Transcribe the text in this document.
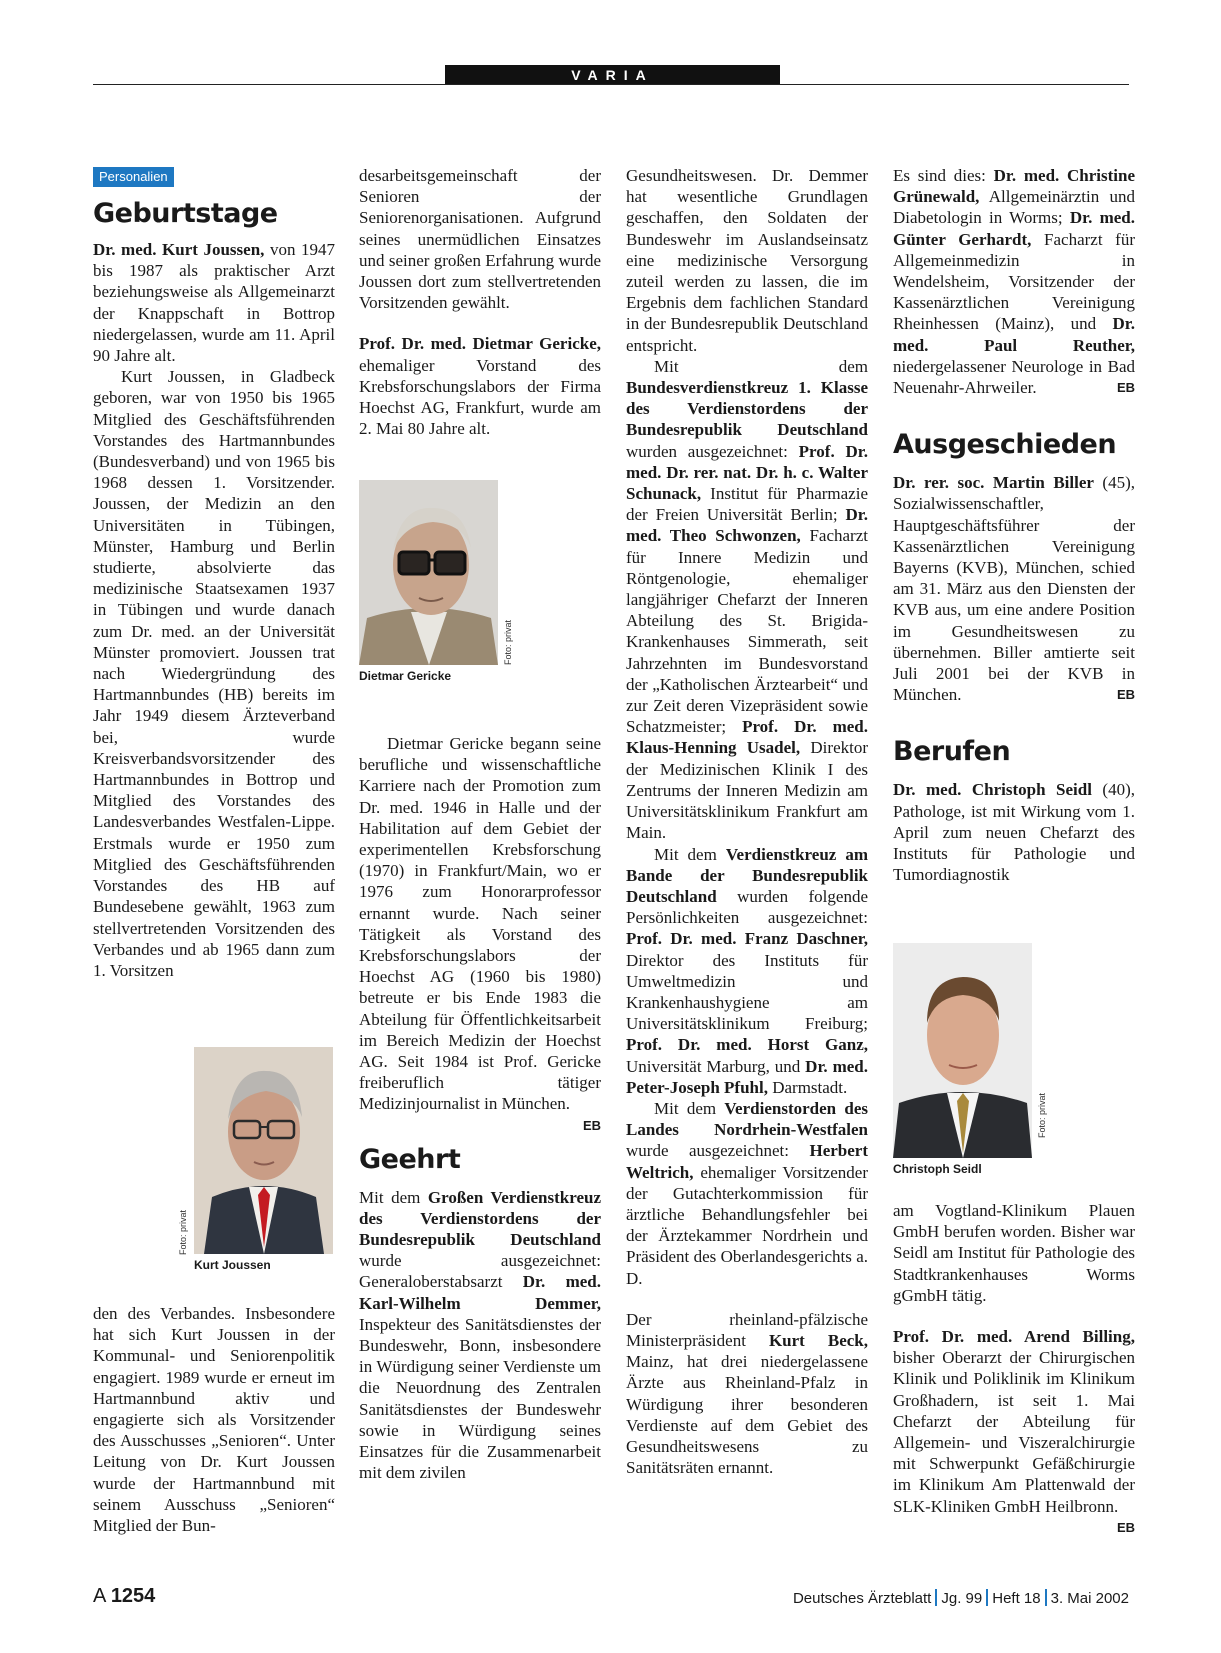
VARIA
Personalien
Geburtstage

Dr. med. Kurt Joussen, von 1947 bis 1987 als praktischer Arzt beziehungsweise als Allgemeinarzt der Knappschaft in Bottrop niedergelassen, wurde am 11. April 90 Jahre alt.

Kurt Joussen, in Gladbeck geboren, war von 1950 bis 1965 Mitglied des Geschäftsführenden Vorstandes des Hartmannbundes (Bundesverband) und von 1965 bis 1968 dessen 1. Vorsitzender. Joussen, der Medizin an den Universitäten in Tübingen, Münster, Hamburg und Berlin studierte, absolvierte das medizinische Staatsexamen 1937 in Tübingen und wurde danach zum Dr. med. an der Universität Münster promoviert. Joussen trat nach Wiedergründung des Hartmannbundes (HB) bereits im Jahr 1949 diesem Ärzteverband bei, wurde Kreisverbandsvorsitzender des Hartmannbundes in Bottrop und Mitglied des Vorstandes des Landesverbandes Westfalen-Lippe. Erstmals wurde er 1950 zum Mitglied des Geschäftsführenden Vorstandes des HB auf Bundesebene gewählt, 1963 zum stellvertretenden Vorsitzenden des Verbandes und ab 1965 dann zum 1. Vorsitzen

Foto: privat
Kurt Joussen

den des Verbandes. Insbesondere hat sich Kurt Joussen in der Kommunal- und Seniorenpolitik engagiert. 1989 wurde er erneut im Hartmannbund aktiv und engagierte sich als Vorsitzender des Ausschusses „Senioren“. Unter Leitung von Dr. Kurt Joussen wurde der Hartmannbund mit seinem Ausschuss „Senioren“ Mitglied der Bun-

desarbeitsgemeinschaft der Senioren der Seniorenorganisationen. Aufgrund seines unermüdlichen Einsatzes und seiner großen Erfahrung wurde Joussen dort zum stellvertretenden Vorsitzenden gewählt.

Prof. Dr. med. Dietmar Gericke, ehemaliger Vorstand des Krebsforschungslabors der Firma Hoechst AG, Frankfurt, wurde am 2. Mai 80 Jahre alt.

Foto: privat
Dietmar Gericke

Dietmar Gericke begann seine berufliche und wissenschaftliche Karriere nach der Promotion zum Dr. med. 1946 in Halle und der Habilitation auf dem Gebiet der experimentellen Krebsforschung (1970) in Frankfurt/Main, wo er 1976 zum Honorarprofessor ernannt wurde. Nach seiner Tätigkeit als Vorstand des Krebsforschungslabors der Hoechst AG (1960 bis 1980) betreute er bis Ende 1983 die Abteilung für Öffentlichkeitsarbeit im Bereich Medizin der Hoechst AG. Seit 1984 ist Prof. Gericke freiberuflich tätiger Medizinjournalist in München.
EB

Geehrt

Mit dem Großen Verdienstkreuz des Verdienstordens der Bundesrepublik Deutschland wurde ausgezeichnet: Generaloberstabsarzt Dr. med. Karl-Wilhelm Demmer, Inspekteur des Sanitätsdienstes der Bundeswehr, Bonn, insbesondere in Würdigung seiner Verdienste um die Neuordnung des Zentralen Sanitätsdienstes der Bundeswehr sowie in Würdigung seines Einsatzes für die Zusammenarbeit mit dem zivilen

Gesundheitswesen. Dr. Demmer hat wesentliche Grundlagen geschaffen, den Soldaten der Bundeswehr im Auslandseinsatz eine medizinische Versorgung zuteil werden zu lassen, die im Ergebnis dem fachlichen Standard in der Bundesrepublik Deutschland entspricht.

Mit dem Bundesverdienstkreuz 1. Klasse des Verdienstordens der Bundesrepublik Deutschland wurden ausgezeichnet: Prof. Dr. med. Dr. rer. nat. Dr. h. c. Walter Schunack, Institut für Pharmazie der Freien Universität Berlin; Dr. med. Theo Schwonzen, Facharzt für Innere Medizin und Röntgenologie, ehemaliger langjähriger Chefarzt der Inneren Abteilung des St. Brigida-Krankenhauses Simmerath, seit Jahrzehnten im Bundesvorstand der „Katholischen Ärztearbeit“ und zur Zeit deren Vizepräsident sowie Schatzmeister; Prof. Dr. med. Klaus-Henning Usadel, Direktor der Medizinischen Klinik I des Zentrums der Inneren Medizin am Universitätsklinikum Frankfurt am Main.

Mit dem Verdienstkreuz am Bande der Bundesrepublik Deutschland wurden folgende Persönlichkeiten ausgezeichnet: Prof. Dr. med. Franz Daschner, Direktor des Instituts für Umweltmedizin und Krankenhaushygiene am Universitätsklinikum Freiburg; Prof. Dr. med. Horst Ganz, Universität Marburg, und Dr. med. Peter-Joseph Pfuhl, Darmstadt.

Mit dem Verdienstorden des Landes Nordrhein-Westfalen wurde ausgezeichnet: Herbert Weltrich, ehemaliger Vorsitzender der Gutachterkommission für ärztliche Behandlungsfehler bei der Ärztekammer Nordrhein und Präsident des Oberlandesgerichts a. D.

Der rheinland-pfälzische Ministerpräsident Kurt Beck, Mainz, hat drei niedergelassene Ärzte aus Rheinland-Pfalz in Würdigung ihrer besonderen Verdienste auf dem Gebiet des Gesundheitswesens zu Sanitätsräten ernannt.

Es sind dies: Dr. med. Christine Grünewald, Allgemeinärztin und Diabetologin in Worms; Dr. med. Günter Gerhardt, Facharzt für Allgemeinmedizin in Wendelsheim, Vorsitzender der Kassenärztlichen Vereinigung Rheinhessen (Mainz), und Dr. med. Paul Reuther, niedergelassener Neurologe in Bad Neuenahr-Ahrweiler.	EB

Ausgeschieden

Dr. rer. soc. Martin Biller (45), Sozialwissenschaftler, Hauptgeschäftsführer der Kassenärztlichen Vereinigung Bayerns (KVB), München, schied am 31. März aus den Diensten der KVB aus, um eine andere Position im Gesundheitswesen zu übernehmen. Biller amtierte seit Juli 2001 bei der KVB in München.	EB

Berufen

Dr. med. Christoph Seidl (40), Pathologe, ist mit Wirkung vom 1. April zum neuen Chefarzt des Instituts für Pathologie und Tumordiagnostik

Foto: privat
Christoph Seidl

am Vogtland-Klinikum Plauen GmbH berufen worden. Bisher war Seidl am Institut für Pathologie des Stadtkrankenhauses Worms gGmbH tätig.

Prof. Dr. med. Arend Billing, bisher Oberarzt der Chirurgischen Klinik und Poliklinik im Klinikum Großhadern, ist seit 1. Mai Chefarzt der Abteilung für Allgemein- und Viszeralchirurgie mit Schwerpunkt Gefäßchirurgie im Klinikum Am Plattenwald der SLK-Kliniken GmbH Heilbronn.
EB

A 1254	Deutsches Ärzteblatt Jg. 99 Heft 18 3. Mai 2002
